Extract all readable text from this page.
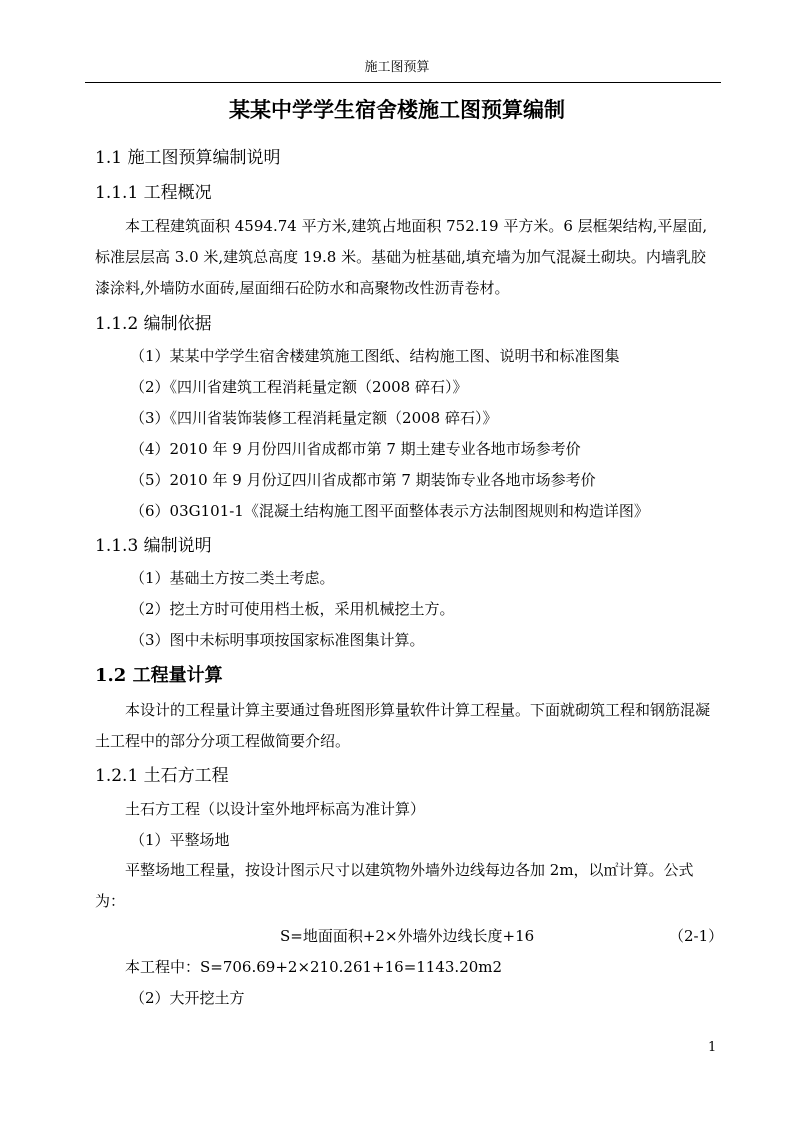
施工图预算
某某中学学生宿舍楼施工图预算编制
1.1 施工图预算编制说明
1.1.1 工程概况
本工程建筑面积 4594.74 平方米,建筑占地面积 752.19 平方米。6 层框架结构,平屋面,标准层层高 3.0 米,建筑总高度 19.8 米。基础为桩基础,填充墙为加气混凝土砌块。内墙乳胶漆涂料,外墙防水面砖,屋面细石砼防水和高聚物改性沥青卷材。
1.1.2 编制依据
（1）某某中学学生宿舍楼建筑施工图纸、结构施工图、说明书和标准图集
（2）《四川省建筑工程消耗量定额（2008 碎石）》
（3）《四川省装饰装修工程消耗量定额（2008 碎石）》
（4）2010 年 9 月份四川省成都市第 7 期土建专业各地市场参考价
（5）2010 年 9 月份辽四川省成都市第 7 期装饰专业各地市场参考价
（6）03G101-1《混凝土结构施工图平面整体表示方法制图规则和构造详图》
1.1.3 编制说明
（1）基础土方按二类土考虑。
（2）挖土方时可使用档土板，采用机械挖土方。
（3）图中未标明事项按国家标准图集计算。
1.2 工程量计算
本设计的工程量计算主要通过鲁班图形算量软件计算工程量。下面就砌筑工程和钢筋混凝土工程中的部分分项工程做简要介绍。
1.2.1 土石方工程
土石方工程（以设计室外地坪标高为准计算）
（1）平整场地
平整场地工程量，按设计图示尺寸以建筑物外墙外边线每边各加 2m，以㎡计算。公式为：
S=地面面积+2×外墙外边线长度+16	（2-1）
本工程中：S=706.69+2×210.261+16=1143.20m2
（2）大开挖土方
1
